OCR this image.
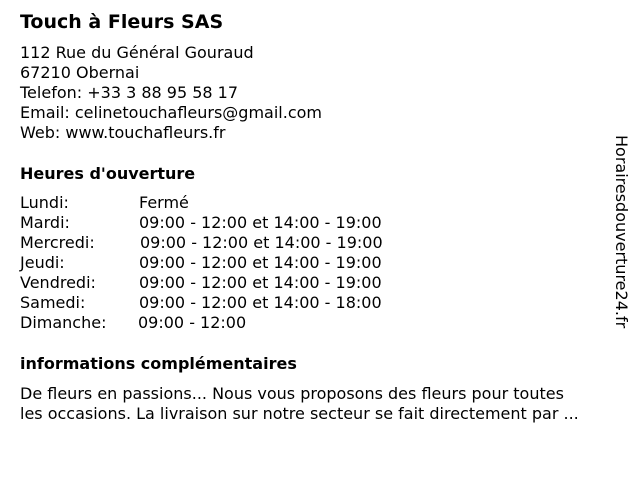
Touch à Fleurs SAS
112 Rue du Général Gouraud
67210 Obernai
Telefon: +33 3 88 95 58 17
Email: celinetouchafleurs@gmail.com
Web: www.touchafleurs.fr
Heures d'ouverture
Lundi:	Fermé
Mardi:	09:00 - 12:00 et 14:00 - 19:00
Mercredi:	09:00 - 12:00 et 14:00 - 19:00
Jeudi:	09:00 - 12:00 et 14:00 - 19:00
Vendredi:	09:00 - 12:00 et 14:00 - 19:00
Samedi:	09:00 - 12:00 et 14:00 - 18:00
Dimanche: 09:00 - 12:00
informations complémentaires
De fleurs en passions... Nous vous proposons des fleurs pour toutes
les occasions. La livraison sur notre secteur se fait directement par ...
Horairesdouverture24.fr
